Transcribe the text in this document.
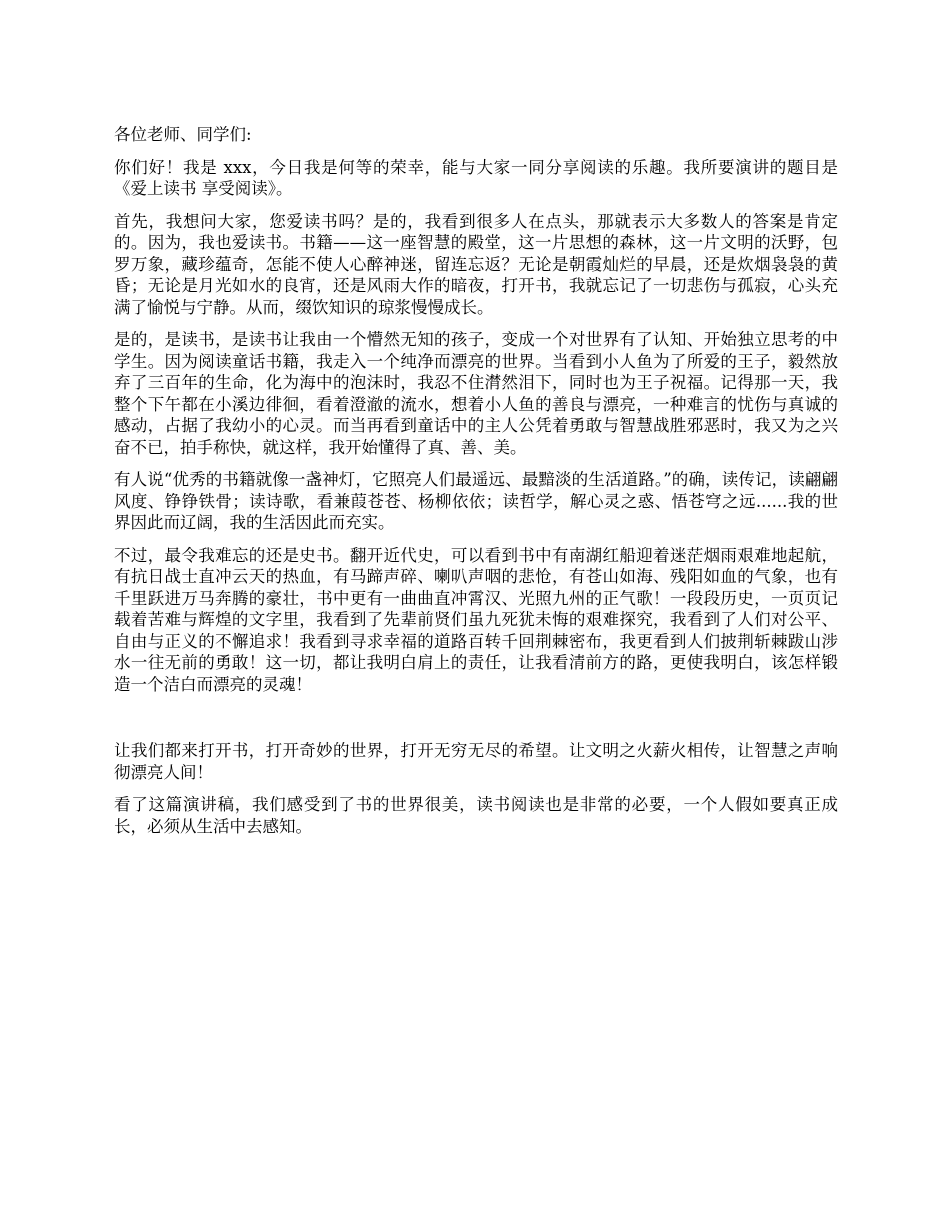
各位老师、同学们:

你们好！我是 xxx，今日我是何等的荣幸，能与大家一同分享阅读的乐趣。我所要演讲的题目是《爱上读书 享受阅读》。

首先，我想问大家，您爱读书吗？是的，我看到很多人在点头，那就表示大多数人的答案是肯定的。因为，我也爱读书。书籍——这一座智慧的殿堂，这一片思想的森林，这一片文明的沃野，包罗万象，藏珍蕴奇，怎能不使人心醉神迷，留连忘返？无论是朝霞灿烂的早晨，还是炊烟袅袅的黄昏；无论是月光如水的良宵，还是风雨大作的暗夜，打开书，我就忘记了一切悲伤与孤寂，心头充满了愉悦与宁静。从而，缀饮知识的琼浆慢慢成长。

是的，是读书，是读书让我由一个懵然无知的孩子，变成一个对世界有了认知、开始独立思考的中学生。因为阅读童话书籍，我走入一个纯净而漂亮的世界。当看到小人鱼为了所爱的王子，毅然放弃了三百年的生命，化为海中的泡沫时，我忍不住潸然泪下，同时也为王子祝福。记得那一天，我整个下午都在小溪边徘徊，看着澄澈的流水，想着小人鱼的善良与漂亮，一种难言的忧伤与真诚的感动，占据了我幼小的心灵。而当再看到童话中的主人公凭着勇敢与智慧战胜邪恶时，我又为之兴奋不已，拍手称快，就这样，我开始懂得了真、善、美。

有人说“优秀的书籍就像一盏神灯，它照亮人们最遥远、最黯淡的生活道路。”的确，读传记，读翩翩风度、铮铮铁骨；读诗歌，看兼葭苍苍、杨柳依依；读哲学，解心灵之惑、悟苍穹之远......我的世界因此而辽阔，我的生活因此而充实。

不过，最令我难忘的还是史书。翻开近代史，可以看到书中有南湖红船迎着迷茫烟雨艰难地起航，有抗日战士直冲云天的热血，有马蹄声碎、喇叭声咽的悲怆，有苍山如海、残阳如血的气象，也有千里跃进万马奔腾的豪壮，书中更有一曲曲直冲霄汉、光照九州的正气歌！一段段历史，一页页记载着苦难与辉煌的文字里，我看到了先辈前贤们虽九死犹未悔的艰难探究，我看到了人们对公平、自由与正义的不懈追求！我看到寻求幸福的道路百转千回荆棘密布，我更看到人们披荆斩棘跋山涉水一往无前的勇敢！这一切，都让我明白肩上的责任，让我看清前方的路，更使我明白，该怎样锻造一个洁白而漂亮的灵魂！

让我们都来打开书，打开奇妙的世界，打开无穷无尽的希望。让文明之火薪火相传，让智慧之声响彻漂亮人间！

看了这篇演讲稿，我们感受到了书的世界很美，读书阅读也是非常的必要，一个人假如要真正成长，必须从生活中去感知。
